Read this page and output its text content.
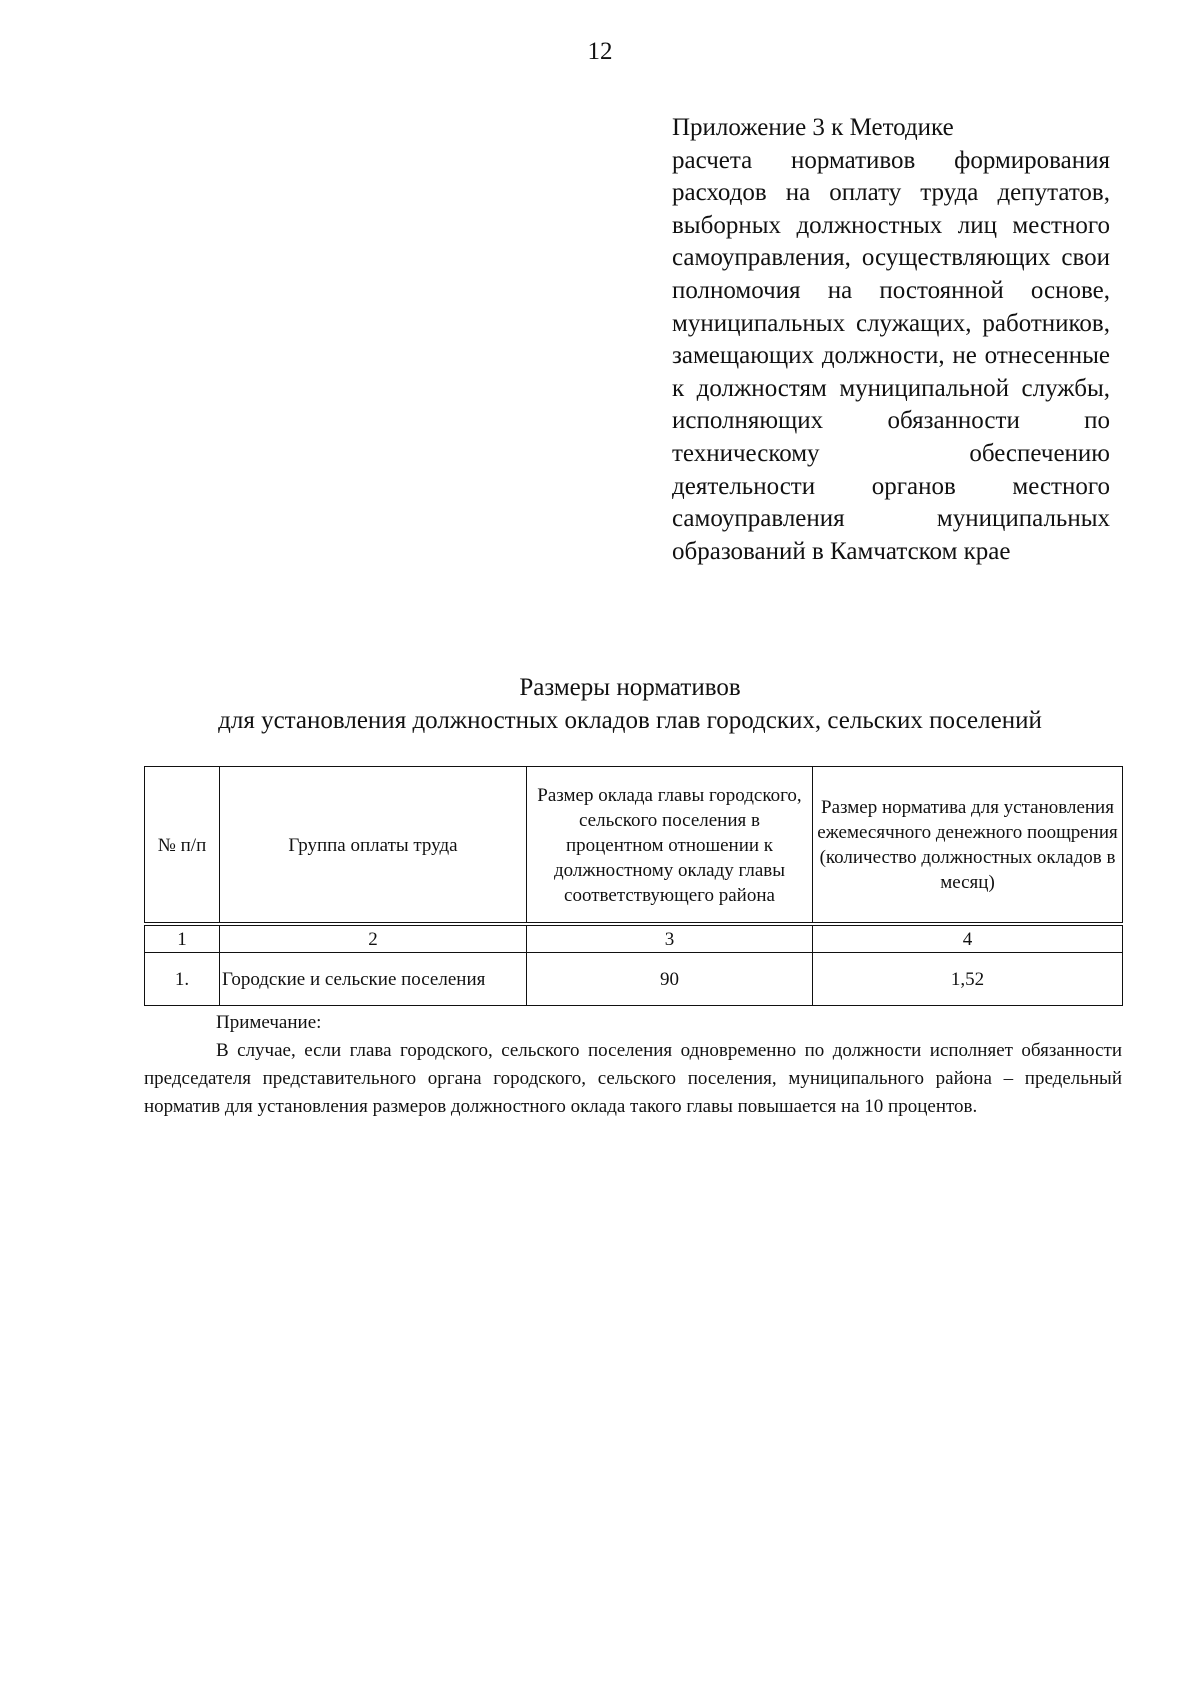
12
Приложение 3 к Методике
расчета нормативов формирования расходов на оплату труда депутатов, выборных должностных лиц местного самоуправления, осуществляющих свои полномочия на постоянной основе, муниципальных служащих, работников, замещающих должности, не отнесенные к должностям муниципальной службы, исполняющих обязанности по техническому обеспечению деятельности органов местного самоуправления муниципальных образований в Камчатском крае
Размеры нормативов
для установления должностных окладов глав городских, сельских поселений
№ п/п	Группа оплаты труда	Размер оклада главы городского, сельского поселения в процентном отношении к должностному окладу главы соответствующего района	Размер норматива для установления ежемесячного денежного поощрения (количество должностных окладов в месяц)
1	2	3	4
1.	Городские и сельские поселения	90	1,52
Примечание:

В случае, если глава городского, сельского поселения одновременно по должности исполняет обязанности председателя представительного органа городского, сельского поселения, муниципального района – предельный норматив для установления размеров должностного оклада такого главы повышается на 10 процентов.
